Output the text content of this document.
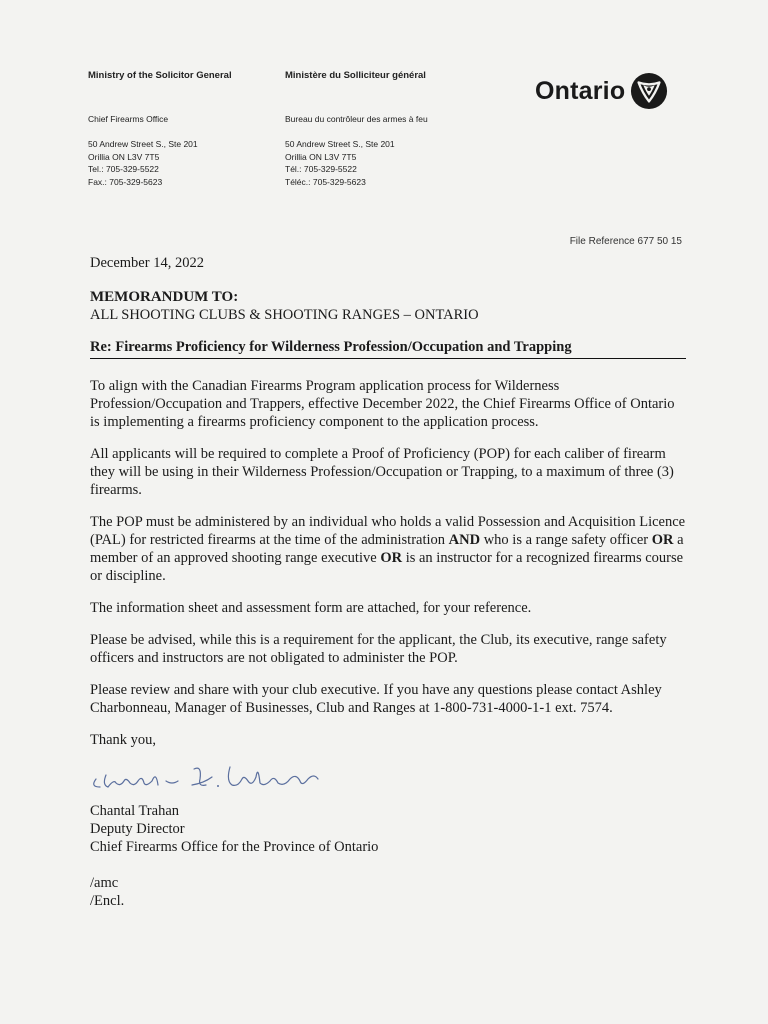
Ministry of the Solicitor General
Chief Firearms Office
50 Andrew Street S., Ste 201
Orillia ON L3V 7T5
Tel.: 705-329-5522
Fax.: 705-329-5623
Ministère du Solliciteur général
Bureau du contrôleur des armes à feu
50 Andrew Street S., Ste 201
Orillia ON L3V 7T5
Tél.: 705-329-5522
Téléc.: 705-329-5623
Ontario
File Reference 677 50 15
December 14, 2022
MEMORANDUM TO:
ALL SHOOTING CLUBS & SHOOTING RANGES – ONTARIO
Re: Firearms Proficiency for Wilderness Profession/Occupation and Trapping

To align with the Canadian Firearms Program application process for Wilderness Profession/Occupation and Trappers, effective December 2022, the Chief Firearms Office of Ontario is implementing a firearms proficiency component to the application process.

All applicants will be required to complete a Proof of Proficiency (POP) for each caliber of firearm they will be using in their Wilderness Profession/Occupation or Trapping, to a maximum of three (3) firearms.

The POP must be administered by an individual who holds a valid Possession and Acquisition Licence (PAL) for restricted firearms at the time of the administration AND who is a range safety officer OR a member of an approved shooting range executive OR is an instructor for a recognized firearms course or discipline.

The information sheet and assessment form are attached, for your reference.

Please be advised, while this is a requirement for the applicant, the Club, its executive, range safety officers and instructors are not obligated to administer the POP.

Please review and share with your club executive. If you have any questions please contact Ashley Charbonneau, Manager of Businesses, Club and Ranges at 1-800-731-4000-1-1 ext. 7574.

Thank you,
Chantal Trahan
Deputy Director
Chief Firearms Office for the Province of Ontario
/amc
/Encl.
